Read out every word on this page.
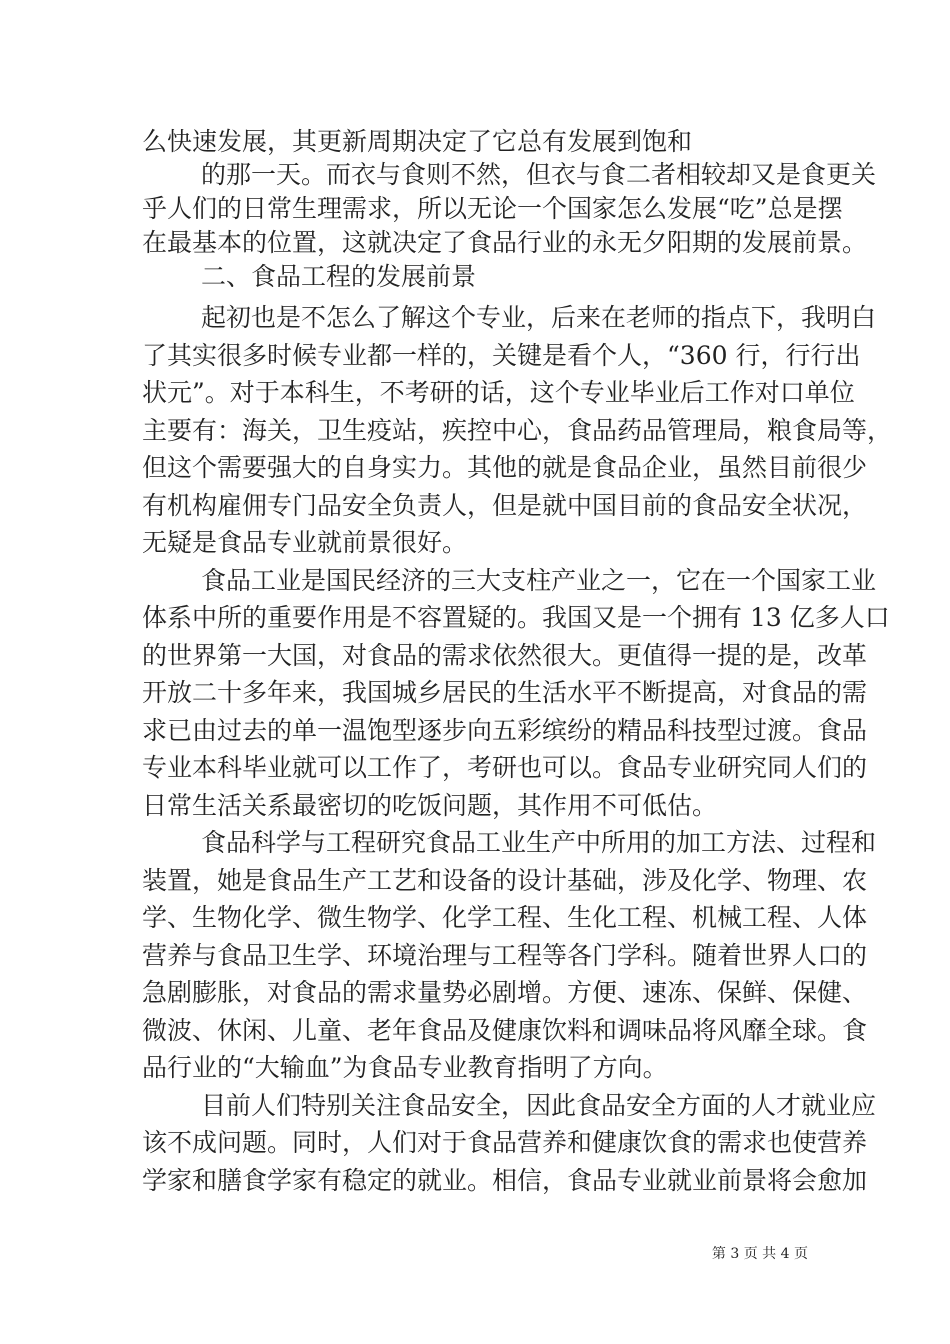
么快速发展，其更新周期决定了它总有发展到饱和
的那一天。而衣与食则不然，但衣与食二者相较却又是食更关
乎人们的日常生理需求，所以无论一个国家怎么发展“吃”总是摆
在最基本的位置，这就决定了食品行业的永无夕阳期的发展前景。
二、食品工程的发展前景
起初也是不怎么了解这个专业，后来在老师的指点下，我明白
了其实很多时候专业都一样的，关键是看个人，“360 行，行行出
状元”。对于本科生，不考研的话，这个专业毕业后工作对口单位
主要有：海关，卫生疫站，疾控中心，食品药品管理局，粮食局等，
但这个需要强大的自身实力。其他的就是食品企业，虽然目前很少
有机构雇佣专门品安全负责人，但是就中国目前的食品安全状况，
无疑是食品专业就前景很好。
食品工业是国民经济的三大支柱产业之一，它在一个国家工业
体系中所的重要作用是不容置疑的。我国又是一个拥有 13 亿多人口
的世界第一大国，对食品的需求依然很大。更值得一提的是，改革
开放二十多年来，我国城乡居民的生活水平不断提高，对食品的需
求已由过去的单一温饱型逐步向五彩缤纷的精品科技型过渡。食品
专业本科毕业就可以工作了，考研也可以。食品专业研究同人们的
日常生活关系最密切的吃饭问题，其作用不可低估。
食品科学与工程研究食品工业生产中所用的加工方法、过程和
装置，她是食品生产工艺和设备的设计基础，涉及化学、物理、农
学、生物化学、微生物学、化学工程、生化工程、机械工程、人体
营养与食品卫生学、环境治理与工程等各门学科。随着世界人口的
急剧膨胀，对食品的需求量势必剧增。方便、速冻、保鲜、保健、
微波、休闲、儿童、老年食品及健康饮料和调味品将风靡全球。食
品行业的“大输血”为食品专业教育指明了方向。
目前人们特别关注食品安全，因此食品安全方面的人才就业应
该不成问题。同时，人们对于食品营养和健康饮食的需求也使营养
学家和膳食学家有稳定的就业。相信，食品专业就业前景将会愈加
第 3 页 共 4 页
